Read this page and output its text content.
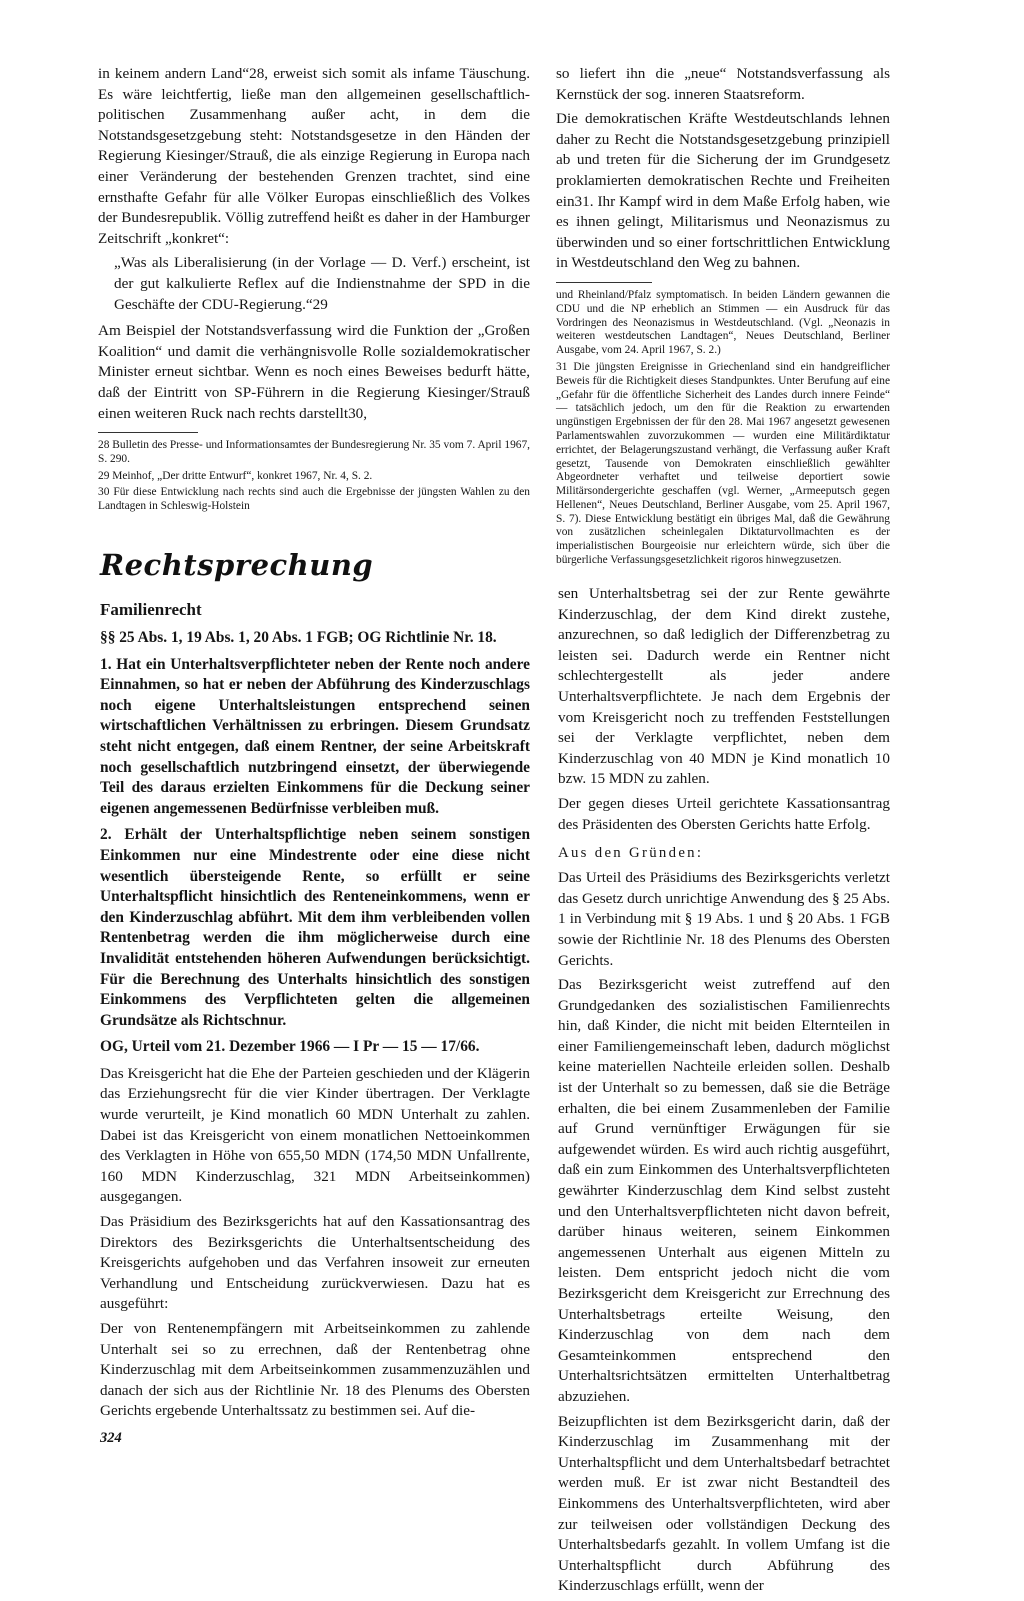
in keinem andern Land“28, erweist sich somit als infame Täuschung. Es wäre leichtfertig, ließe man den allgemeinen gesellschaftlich-politischen Zusammenhang außer acht, in dem die Notstandsgesetzgebung steht: Notstandsgesetze in den Händen der Regierung Kiesinger/Strauß, die als einzige Regierung in Europa nach einer Veränderung der bestehenden Grenzen trachtet, sind eine ernsthafte Gefahr für alle Völker Europas einschließlich des Volkes der Bundesrepublik. Völlig zutreffend heißt es daher in der Hamburger Zeitschrift „konkret“:

„Was als Liberalisierung (in der Vorlage — D. Verf.) erscheint, ist der gut kalkulierte Reflex auf die Indienstnahme der SPD in die Geschäfte der CDU-Regierung.“29

Am Beispiel der Notstandsverfassung wird die Funktion der „Großen Koalition“ und damit die verhängnisvolle Rolle sozialdemokratischer Minister erneut sichtbar. Wenn es noch eines Beweises bedurft hätte, daß der Eintritt von SP-Führern in die Regierung Kiesinger/Strauß einen weiteren Ruck nach rechts darstellt30,

28 Bulletin des Presse- und Informationsamtes der Bundesregierung Nr. 35 vom 7. April 1967, S. 290.

29 Meinhof, „Der dritte Entwurf“, konkret 1967, Nr. 4, S. 2.

30 Für diese Entwicklung nach rechts sind auch die Ergebnisse der jüngsten Wahlen zu den Landtagen in Schleswig-Holstein

so liefert ihn die „neue“ Notstandsverfassung als Kernstück der sog. inneren Staatsreform.

Die demokratischen Kräfte Westdeutschlands lehnen daher zu Recht die Notstandsgesetzgebung prinzipiell ab und treten für die Sicherung der im Grundgesetz proklamierten demokratischen Rechte und Freiheiten ein31. Ihr Kampf wird in dem Maße Erfolg haben, wie es ihnen gelingt, Militarismus und Neonazismus zu überwinden und so einer fortschrittlichen Entwicklung in Westdeutschland den Weg zu bahnen.

und Rheinland/Pfalz symptomatisch. In beiden Ländern gewannen die CDU und die NP erheblich an Stimmen — ein Ausdruck für das Vordringen des Neonazismus in Westdeutschland. (Vgl. „Neonazis in weiteren westdeutschen Landtagen“, Neues Deutschland, Berliner Ausgabe, vom 24. April 1967, S. 2.)

31 Die jüngsten Ereignisse in Griechenland sind ein handgreiflicher Beweis für die Richtigkeit dieses Standpunktes. Unter Berufung auf eine „Gefahr für die öffentliche Sicherheit des Landes durch innere Feinde“ — tatsächlich jedoch, um den für die Reaktion zu erwartenden ungünstigen Ergebnissen der für den 28. Mai 1967 angesetzt gewesenen Parlamentswahlen zuvorzukommen — wurden eine Militärdiktatur errichtet, der Belagerungszustand verhängt, die Verfassung außer Kraft gesetzt, Tausende von Demokraten einschließlich gewählter Abgeordneter verhaftet und teilweise deportiert sowie Militärsondergerichte geschaffen (vgl. Werner, „Armeeputsch gegen Hellenen“, Neues Deutschland, Berliner Ausgabe, vom 25. April 1967, S. 7). Diese Entwicklung bestätigt ein übriges Mal, daß die Gewährung von zusätzlichen scheinlegalen Diktaturvollmachten es der imperialistischen Bourgeoisie nur erleichtern würde, sich über die bürgerliche Verfassungsgesetzlichkeit rigoros hinwegzusetzen.

Rechtsprechung
Familienrecht

§§ 25 Abs. 1, 19 Abs. 1, 20 Abs. 1 FGB; OG Richtlinie Nr. 18.

1. Hat ein Unterhaltsverpflichteter neben der Rente noch andere Einnahmen, so hat er neben der Abführung des Kinderzuschlags noch eigene Unterhaltsleistungen entsprechend seinen wirtschaftlichen Verhältnissen zu erbringen. Diesem Grundsatz steht nicht entgegen, daß einem Rentner, der seine Arbeitskraft noch gesellschaftlich nutzbringend einsetzt, der überwiegende Teil des daraus erzielten Einkommens für die Deckung seiner eigenen angemessenen Bedürfnisse verbleiben muß.

2. Erhält der Unterhaltspflichtige neben seinem sonstigen Einkommen nur eine Mindestrente oder eine diese nicht wesentlich übersteigende Rente, so erfüllt er seine Unterhaltspflicht hinsichtlich des Renteneinkommens, wenn er den Kinderzuschlag abführt. Mit dem ihm verbleibenden vollen Rentenbetrag werden die ihm möglicherweise durch eine Invalidität entstehenden höheren Aufwendungen berücksichtigt. Für die Berechnung des Unterhalts hinsichtlich des sonstigen Einkommens des Verpflichteten gelten die allgemeinen Grundsätze als Richtschnur.

OG, Urteil vom 21. Dezember 1966 — I Pr — 15 — 17/66.

Das Kreisgericht hat die Ehe der Parteien geschieden und der Klägerin das Erziehungsrecht für die vier Kinder übertragen. Der Verklagte wurde verurteilt, je Kind monatlich 60 MDN Unterhalt zu zahlen. Dabei ist das Kreisgericht von einem monatlichen Nettoeinkommen des Verklagten in Höhe von 655,50 MDN (174,50 MDN Unfallrente, 160 MDN Kinderzuschlag, 321 MDN Arbeitseinkommen) ausgegangen.

Das Präsidium des Bezirksgerichts hat auf den Kassationsantrag des Direktors des Bezirksgerichts die Unterhaltsentscheidung des Kreisgerichts aufgehoben und das Verfahren insoweit zur erneuten Verhandlung und Entscheidung zurückverwiesen. Dazu hat es ausgeführt:

Der von Rentenempfängern mit Arbeitseinkommen zu zahlende Unterhalt sei so zu errechnen, daß der Rentenbetrag ohne Kinderzuschlag mit dem Arbeitseinkommen zusammenzuzählen und danach der sich aus der Richtlinie Nr. 18 des Plenums des Obersten Gerichts ergebende Unterhaltssatz zu bestimmen sei. Auf die-

sen Unterhaltsbetrag sei der zur Rente gewährte Kinderzuschlag, der dem Kind direkt zustehe, anzurechnen, so daß lediglich der Differenzbetrag zu leisten sei. Dadurch werde ein Rentner nicht schlechtergestellt als jeder andere Unterhaltsverpflichtete. Je nach dem Ergebnis der vom Kreisgericht noch zu treffenden Feststellungen sei der Verklagte verpflichtet, neben dem Kinderzuschlag von 40 MDN je Kind monatlich 10 bzw. 15 MDN zu zahlen.

Der gegen dieses Urteil gerichtete Kassationsantrag des Präsidenten des Obersten Gerichts hatte Erfolg.

Aus den Gründen:

Das Urteil des Präsidiums des Bezirksgerichts verletzt das Gesetz durch unrichtige Anwendung des § 25 Abs. 1 in Verbindung mit § 19 Abs. 1 und § 20 Abs. 1 FGB sowie der Richtlinie Nr. 18 des Plenums des Obersten Gerichts.

Das Bezirksgericht weist zutreffend auf den Grundgedanken des sozialistischen Familienrechts hin, daß Kinder, die nicht mit beiden Elternteilen in einer Familiengemeinschaft leben, dadurch möglichst keine materiellen Nachteile erleiden sollen. Deshalb ist der Unterhalt so zu bemessen, daß sie die Beträge erhalten, die bei einem Zusammenleben der Familie auf Grund vernünftiger Erwägungen für sie aufgewendet würden. Es wird auch richtig ausgeführt, daß ein zum Einkommen des Unterhaltsverpflichteten gewährter Kinderzuschlag dem Kind selbst zusteht und den Unterhaltsverpflichteten nicht davon befreit, darüber hinaus weiteren, seinem Einkommen angemessenen Unterhalt aus eigenen Mitteln zu leisten. Dem entspricht jedoch nicht die vom Bezirksgericht dem Kreisgericht zur Errechnung des Unterhaltsbetrags erteilte Weisung, den Kinderzuschlag von dem nach dem Gesamteinkommen entsprechend den Unterhaltsrichtsätzen ermittelten Unterhaltbetrag abzuziehen.

Beizupflichten ist dem Bezirksgericht darin, daß der Kinderzuschlag im Zusammenhang mit der Unterhaltspflicht und dem Unterhaltsbedarf betrachtet werden muß. Er ist zwar nicht Bestandteil des Einkommens des Unterhaltsverpflichteten, wird aber zur teilweisen oder vollständigen Deckung des Unterhaltsbedarfs gezahlt. In vollem Umfang ist die Unterhaltspflicht durch Abführung des Kinderzuschlags erfüllt, wenn der

324
